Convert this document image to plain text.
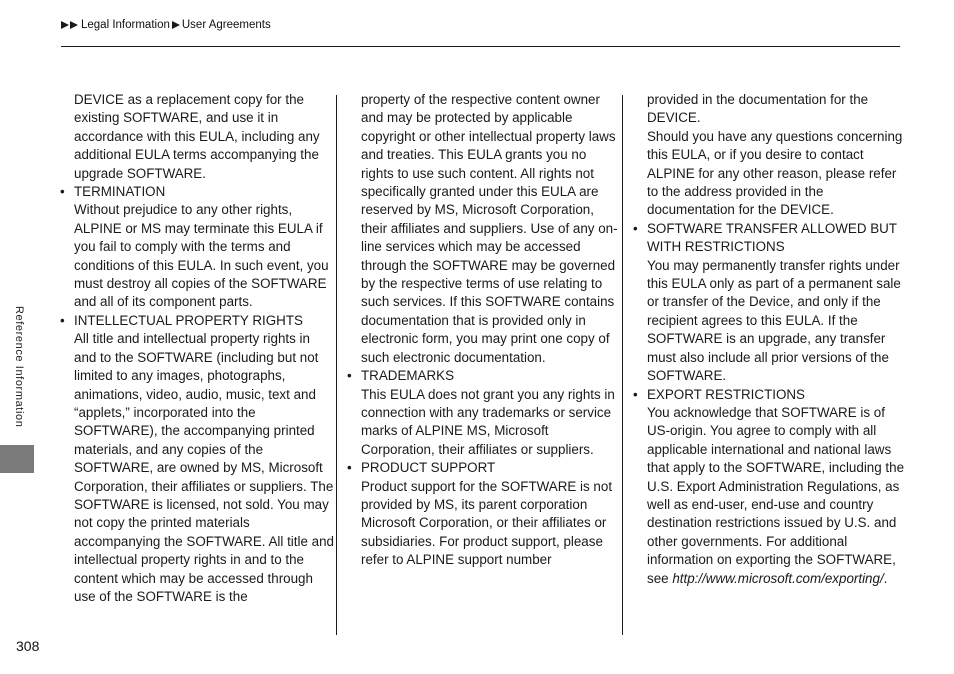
Legal Information User Agreements
Reference Information
308

DEVICE as a replacement copy for the existing SOFTWARE, and use it in accordance with this EULA, including any additional EULA terms accompanying the upgrade SOFTWARE.

• TERMINATION

Without prejudice to any other rights, ALPINE or MS may terminate this EULA if you fail to comply with the terms and conditions of this EULA. In such event, you must destroy all copies of the SOFTWARE and all of its component parts.

• INTELLECTUAL PROPERTY RIGHTS

All title and intellectual property rights in and to the SOFTWARE (including but not limited to any images, photographs, animations, video, audio, music, text and “applets,” incorporated into the SOFTWARE), the accompanying printed materials, and any copies of the SOFTWARE, are owned by MS, Microsoft Corporation, their affiliates or suppliers. The SOFTWARE is licensed, not sold. You may not copy the printed materials accompanying the SOFTWARE. All title and intellectual property rights in and to the content which may be accessed through use of the SOFTWARE is the

property of the respective content owner and may be protected by applicable copyright or other intellectual property laws and treaties. This EULA grants you no rights to use such content. All rights not specifically granted under this EULA are reserved by MS, Microsoft Corporation, their affiliates and suppliers. Use of any on-line services which may be accessed through the SOFTWARE may be governed by the respective terms of use relating to such services. If this SOFTWARE contains documentation that is provided only in electronic form, you may print one copy of such electronic documentation.

• TRADEMARKS

This EULA does not grant you any rights in connection with any trademarks or service marks of ALPINE MS, Microsoft Corporation, their affiliates or suppliers.

• PRODUCT SUPPORT

Product support for the SOFTWARE is not provided by MS, its parent corporation Microsoft Corporation, or their affiliates or subsidiaries. For product support, please refer to ALPINE support number

provided in the documentation for the DEVICE.

Should you have any questions concerning this EULA, or if you desire to contact ALPINE for any other reason, please refer to the address provided in the documentation for the DEVICE.

• SOFTWARE TRANSFER ALLOWED BUT WITH RESTRICTIONS

You may permanently transfer rights under this EULA only as part of a permanent sale or transfer of the Device, and only if the recipient agrees to this EULA. If the SOFTWARE is an upgrade, any transfer must also include all prior versions of the SOFTWARE.

• EXPORT RESTRICTIONS

You acknowledge that SOFTWARE is of US-origin. You agree to comply with all applicable international and national laws that apply to the SOFTWARE, including the U.S. Export Administration Regulations, as well as end-user, end-use and country destination restrictions issued by U.S. and other governments. For additional information on exporting the SOFTWARE, see http://www.microsoft.com/exporting/.
